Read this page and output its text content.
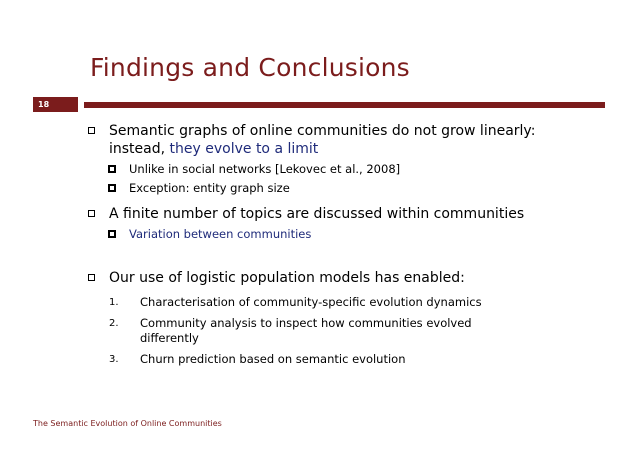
Findings and Conclusions
18
Semantic graphs of online communities do not grow linearly: instead, they evolve to a limit
Unlike in social networks [Lekovec et al., 2008]
Exception: entity graph size
A finite number of topics are discussed within communities
Variation between communities
Our use of logistic population models has enabled:
1. Characterisation of community-specific evolution dynamics
2. Community analysis to inspect how communities evolved differently
3. Churn prediction based on semantic evolution
The Semantic Evolution of Online Communities
